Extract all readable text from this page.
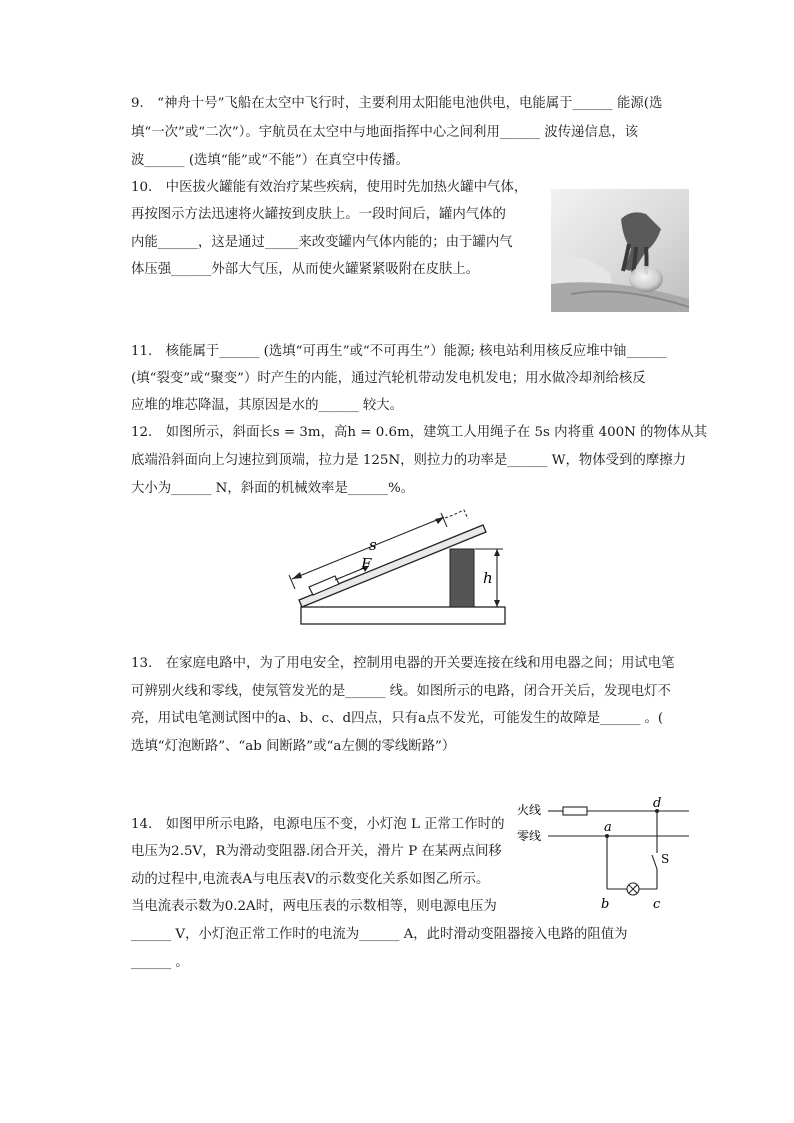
9.　“神舟十号”飞船在太空中飞行时，主要利用太阳能电池供电，电能属于______ 能源(选
填“一次”或“二次”）。宇航员在太空中与地面指挥中心之间利用______ 波传递信息，该
波______ (选填“能”或“不能”）在真空中传播。
10.　中医拔火罐能有效治疗某些疾病，使用时先加热火罐中气体，
再按图示方法迅速将火罐按到皮肤上。一段时间后，罐内气体的
内能______，这是通过_____来改变罐内气体内能的；由于罐内气
体压强______外部大气压，从而使火罐紧紧吸附在皮肤上。
11.　核能属于______ (选填“可再生”或“不可再生”）能源; 核电站利用核反应堆中铀______
(填“裂变”或“聚变”）时产生的内能，通过汽轮机带动发电机发电；用水做冷却剂给核反
应堆的堆芯降温，其原因是水的______ 较大。
12.　如图所示，斜面长s = 3m，高h = 0.6m，建筑工人用绳子在 5s 内将重 400N 的物体从其
底端沿斜面向上匀速拉到顶端，拉力是 125N，则拉力的功率是______ W，物体受到的摩擦力
大小为______ N，斜面的机械效率是______%。
s
F
h
13.　在家庭电路中，为了用电安全，控制用电器的开关要连接在线和用电器之间；用试电笔
可辨别火线和零线，使氖管发光的是______ 线。如图所示的电路，闭合开关后，发现电灯不
亮，用试电笔测试图中的a、b、c、d四点，只有a点不发光，可能发生的故障是______ 。(
选填“灯泡断路”、“ab 间断路”或“a左侧的零线断路”）
14.　如图甲所示电路，电源电压不变，小灯泡 L 正常工作时的
电压为2.5V，R为滑动变阻器.闭合开关，滑片 P 在某两点间移
动的过程中,电流表A与电压表V的示数变化关系如图乙所示。
当电流表示数为0.2A时，两电压表的示数相等，则电源电压为
______ V，小灯泡正常工作时的电流为______ A，此时滑动变阻器接入电路的阻值为
______ 。
火线
零线
a
b	c
d
S
